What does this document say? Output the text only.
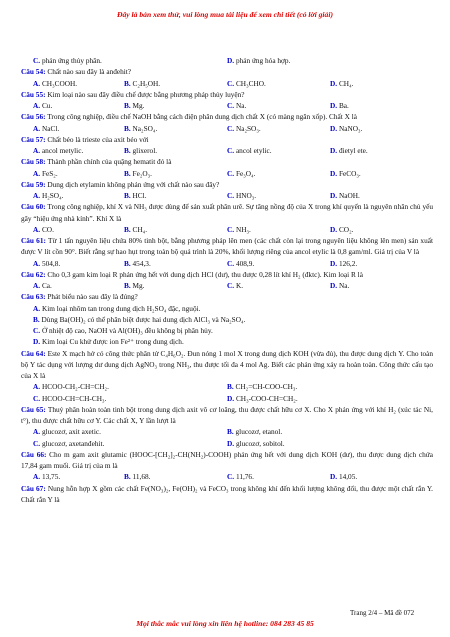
Đây là bản xem thử, vui lòng mua tài liệu để xem chi tiết (có lời giải)
C. phản ứng thủy phân.	D. phản ứng hóa hợp.
Câu 54: Chất nào sau đây là anđehit?
A. CH₃COOH.	B. C₂H₅OH.	C. CH₃CHO.	D. CH₄.
Câu 55: Kim loại nào sau đây điều chế được bằng phương pháp thủy luyện?
A. Cu.	B. Mg.	C. Na.	D. Ba.
Câu 56: Trong công nghiệp, điều chế NaOH bằng cách điện phân dung dịch chất X (có màng ngăn xốp). Chất X là
A. NaCl.	B. Na₂SO₄.	C. Na₂SO₃.	D. NaNO₃.
Câu 57: Chất béo là trieste của axit béo với
A. ancol metylic.	B. glixerol.	C. ancol etylic.	D. đietyl ete.
Câu 58: Thành phần chính của quặng hematit đỏ là
A. FeS₂.	B. Fe₂O₃.	C. Fe₃O₄.	D. FeCO₃.
Câu 59: Dung dịch etylamin không phản ứng với chất nào sau đây?
A. H₂SO₄.	B. HCl.	C. HNO₃.	D. NaOH.
Câu 60: Trong công nghiệp, khí X và NH₃ được dùng để sản xuất phân urê. Sự tăng nồng độ của X trong khí quyển là nguyên nhân chủ yếu gây “hiệu ứng nhà kính”. Khí X là
A. CO.	B. CH₄.	C. NH₃.	D. CO₂.
Câu 61: Từ 1 tấn nguyên liệu chứa 80% tinh bột, bằng phương pháp lên men (các chất còn lại trong nguyên liệu không lên men) sản xuất được V lít cồn 90°. Biết rằng sự hao hụt trong toàn bộ quá trình là 20%, khối lượng riêng của ancol etylic là 0,8 gam/ml. Giá trị của V là
A. 504,8.	B. 454,3.	C. 408,9.	D. 126,2.
Câu 62: Cho 0,3 gam kim loại R phản ứng hết với dung dịch HCl (dư), thu được 0,28 lít khí H₂ (đktc). Kim loại R là
A. Ca.	B. Mg.	C. K.	D. Na.
Câu 63: Phát biểu nào sau đây là đúng?
A. Kim loại nhôm tan trong dung dịch H₂SO₄ đặc, nguội.
B. Dùng Ba(OH)₂ có thể phân biệt được hai dung dịch AlCl₃ và Na₂SO₄.
C. Ở nhiệt độ cao, NaOH và Al(OH)₃ đều không bị phân hủy.
D. Kim loại Cu khử được ion Fe²⁺ trong dung dịch.
Câu 64: Este X mạch hở có công thức phân tử C₄H₆O₂. Đun nóng 1 mol X trong dung dịch KOH (vừa đủ), thu được dung dịch Y. Cho toàn bộ Y tác dụng với lượng dư dung dịch AgNO₃ trong NH₃, thu được tối đa 4 mol Ag. Biết các phản ứng xảy ra hoàn toàn. Công thức cấu tạo của X là
A. HCOO-CH₂-CH=CH₂.	B. CH₂=CH-COO-CH₃.
C. HCOO-CH=CH-CH₃.	D. CH₃-COO-CH=CH₂.
Câu 65: Thuỷ phân hoàn toàn tinh bột trong dung dịch axit vô cơ loãng, thu được chất hữu cơ X. Cho X phản ứng với khí H₂ (xúc tác Ni, t°), thu được chất hữu cơ Y. Các chất X, Y lần lượt là
A. glucozơ, axit axetic.	B. glucozơ, etanol.
C. glucozơ, axetanđehit.	D. glucozơ, sobitol.
Câu 66: Cho m gam axit glutamic (HOOC-[CH₂]₂-CH(NH₂)-COOH) phản ứng hết với dung dịch KOH (dư), thu được dung dịch chứa 17,84 gam muối. Giá trị của m là
A. 13,75.	B. 11,68.	C. 11,76.	D. 14,05.
Câu 67: Nung hỗn hợp X gồm các chất Fe(NO₃)₂, Fe(OH)₂ và FeCO₃ trong không khí đến khối lượng không đổi, thu được một chất rắn Y. Chất rắn Y là
Trang 2/4 – Mã đề 072
Mọi thắc mắc vui lòng xin liên hệ hotline: 084 283 45 85
